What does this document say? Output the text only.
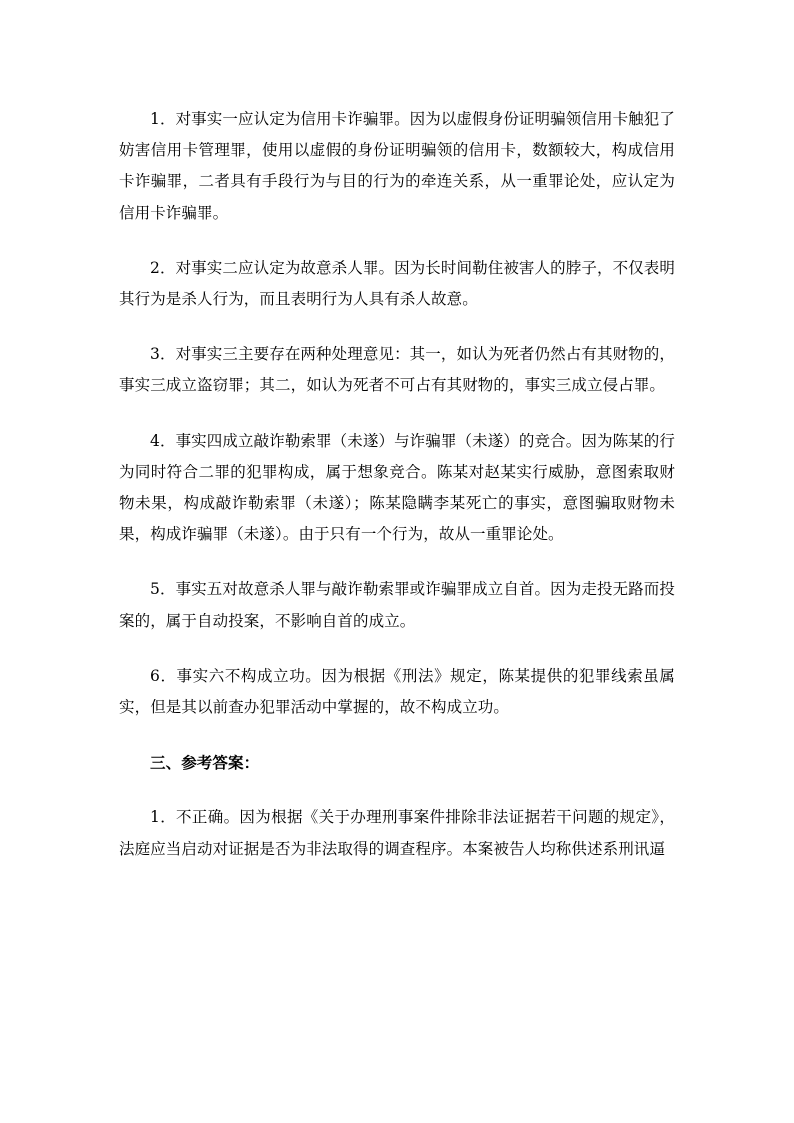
1．对事实一应认定为信用卡诈骗罪。因为以虚假身份证明骗领信用卡触犯了妨害信用卡管理罪，使用以虚假的身份证明骗领的信用卡，数额较大，构成信用卡诈骗罪，二者具有手段行为与目的行为的牵连关系，从一重罪论处，应认定为信用卡诈骗罪。

2．对事实二应认定为故意杀人罪。因为长时间勒住被害人的脖子，不仅表明其行为是杀人行为，而且表明行为人具有杀人故意。

3．对事实三主要存在两种处理意见：其一，如认为死者仍然占有其财物的，事实三成立盗窃罪；其二，如认为死者不可占有其财物的，事实三成立侵占罪。

4．事实四成立敲诈勒索罪（未遂）与诈骗罪（未遂）的竞合。因为陈某的行为同时符合二罪的犯罪构成，属于想象竞合。陈某对赵某实行威胁，意图索取财物未果，构成敲诈勒索罪（未遂）；陈某隐瞒李某死亡的事实，意图骗取财物未果，构成诈骗罪（未遂）。由于只有一个行为，故从一重罪论处。

5．事实五对故意杀人罪与敲诈勒索罪或诈骗罪成立自首。因为走投无路而投案的，属于自动投案，不影响自首的成立。

6．事实六不构成立功。因为根据《刑法》规定，陈某提供的犯罪线索虽属实，但是其以前查办犯罪活动中掌握的，故不构成立功。

三、参考答案：

1．不正确。因为根据《关于办理刑事案件排除非法证据若干问题的规定》，法庭应当启动对证据是否为非法取得的调查程序。本案被告人均称供述系刑讯逼
